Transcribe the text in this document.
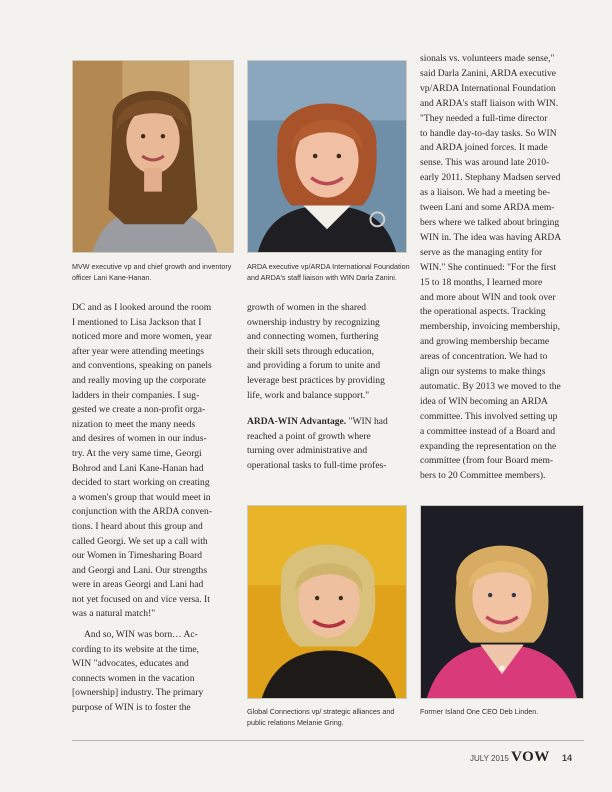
MVW executive vp and chief growth and inventory officer Lani Kane-Hanan.
ARDA executive vp/ARDA International Foundation and ARDA's staff liaison with WIN Darla Zanini.
Global Connections vp/ strategic alliances and public relations Melanie Gring.
Former Island One CEO Deb Linden.

DC and as I looked around the room
I mentioned to Lisa Jackson that I
noticed more and more women, year
after year were attending meetings
and conventions, speaking on panels
and really moving up the corporate
ladders in their companies. I sug-
gested we create a non-profit orga-
nization to meet the many needs
and desires of women in our indus-
try. At the very same time, Georgi
Bohrod and Lani Kane-Hanan had
decided to start working on creating
a women's group that would meet in
conjunction with the ARDA conven-
tions. I heard about this group and
called Georgi. We set up a call with
our Women in Timesharing Board
and Georgi and Lani. Our strengths
were in areas Georgi and Lani had
not yet focused on and vice versa. It
was a natural match!"

And so, WIN was born… Ac-
cording to its website at the time,
WIN "advocates, educates and
connects women in the vacation
[ownership] industry. The primary
purpose of WIN is to foster the

growth of women in the shared
ownership industry by recognizing
and connecting women, furthering
their skill sets through education,
and providing a forum to unite and
leverage best practices by providing
life, work and balance support."

ARDA-WIN Advantage. "WIN had
reached a point of growth where
turning over administrative and
operational tasks to full-time profes-

sionals vs. volunteers made sense,"
said Darla Zanini, ARDA executive
vp/ARDA International Foundation
and ARDA's staff liaison with WIN.
"They needed a full-time director
to handle day-to-day tasks. So WIN
and ARDA joined forces. It made
sense. This was around late 2010-
early 2011. Stephany Madsen served
as a liaison. We had a meeting be-
tween Lani and some ARDA mem-
bers where we talked about bringing
WIN in. The idea was having ARDA
serve as the managing entity for
WIN." She continued: "For the first
15 to 18 months, I learned more
and more about WIN and took over
the operational aspects. Tracking
membership, invoicing membership,
and growing membership became
areas of concentration. We had to
align our systems to make things
automatic. By 2013 we moved to the
idea of WIN becoming an ARDA
committee. This involved setting up
a committee instead of a Board and
expanding the representation on the
committee (from four Board mem-
bers to 20 Committee members).

JULY 2015 VOW 14
